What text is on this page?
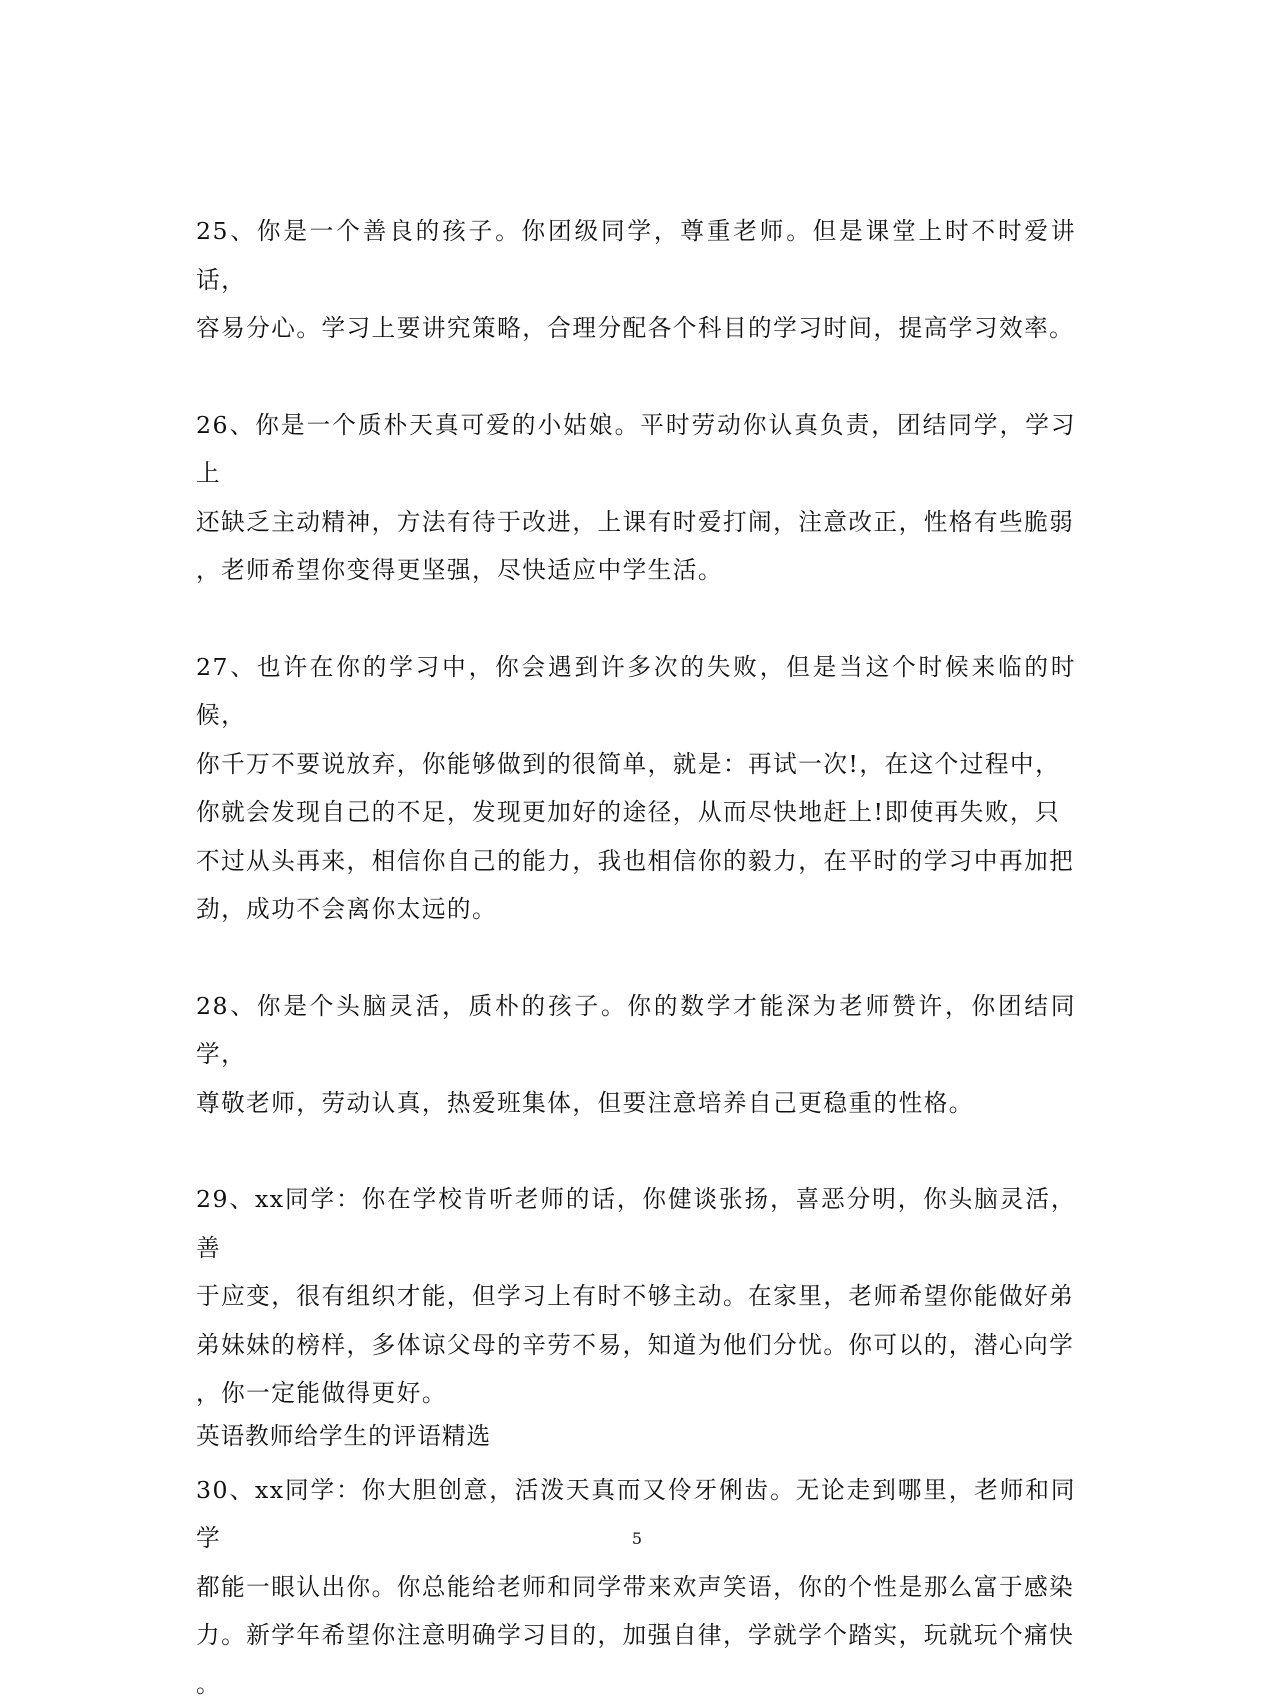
25、你是一个善良的孩子。你团级同学，尊重老师。但是课堂上时不时爱讲话，
容易分心。学习上要讲究策略，合理分配各个科目的学习时间，提高学习效率。

26、你是一个质朴天真可爱的小姑娘。平时劳动你认真负责，团结同学，学习上
还缺乏主动精神，方法有待于改进，上课有时爱打闹，注意改正，性格有些脆弱
，老师希望你变得更坚强，尽快适应中学生活。

27、也许在你的学习中，你会遇到许多次的失败，但是当这个时候来临的时候，
你千万不要说放弃，你能够做到的很简单，就是：再试一次!，在这个过程中，
你就会发现自己的不足，发现更加好的途径，从而尽快地赶上!即使再失败，只
不过从头再来，相信你自己的能力，我也相信你的毅力，在平时的学习中再加把
劲，成功不会离你太远的。

28、你是个头脑灵活，质朴的孩子。你的数学才能深为老师赞许，你团结同学，
尊敬老师，劳动认真，热爱班集体，但要注意培养自己更稳重的性格。

29、xx同学：你在学校肯听老师的话，你健谈张扬，喜恶分明，你头脑灵活，善
于应变，很有组织才能，但学习上有时不够主动。在家里，老师希望你能做好弟
弟妹妹的榜样，多体谅父母的辛劳不易，知道为他们分忧。你可以的，潜心向学
，你一定能做得更好。

30、xx同学：你大胆创意，活泼天真而又伶牙俐齿。无论走到哪里，老师和同学
都能一眼认出你。你总能给老师和同学带来欢声笑语，你的个性是那么富于感染
力。新学年希望你注意明确学习目的，加强自律，学就学个踏实，玩就玩个痛快
。

英语教师给学生的评语精选
5
